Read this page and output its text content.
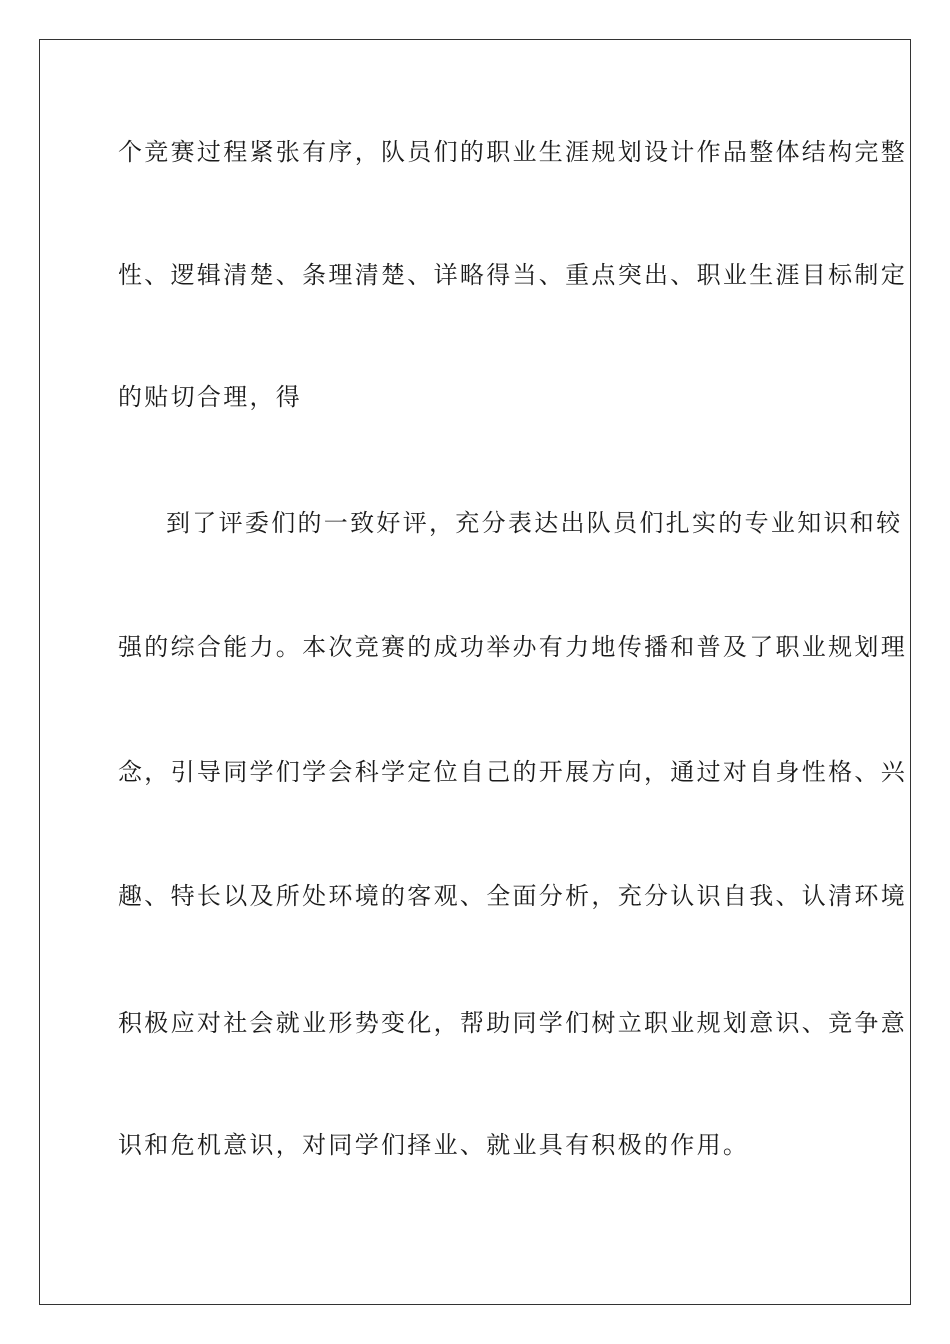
个竞赛过程紧张有序，队员们的职业生涯规划设计作品整体结构完整
性、逻辑清楚、条理清楚、详略得当、重点突出、职业生涯目标制定
的贴切合理，得
到了评委们的一致好评，充分表达出队员们扎实的专业知识和较
强的综合能力。本次竞赛的成功举办有力地传播和普及了职业规划理
念，引导同学们学会科学定位自己的开展方向，通过对自身性格、兴
趣、特长以及所处环境的客观、全面分析，充分认识自我、认清环境
积极应对社会就业形势变化，帮助同学们树立职业规划意识、竞争意
识和危机意识，对同学们择业、就业具有积极的作用。
